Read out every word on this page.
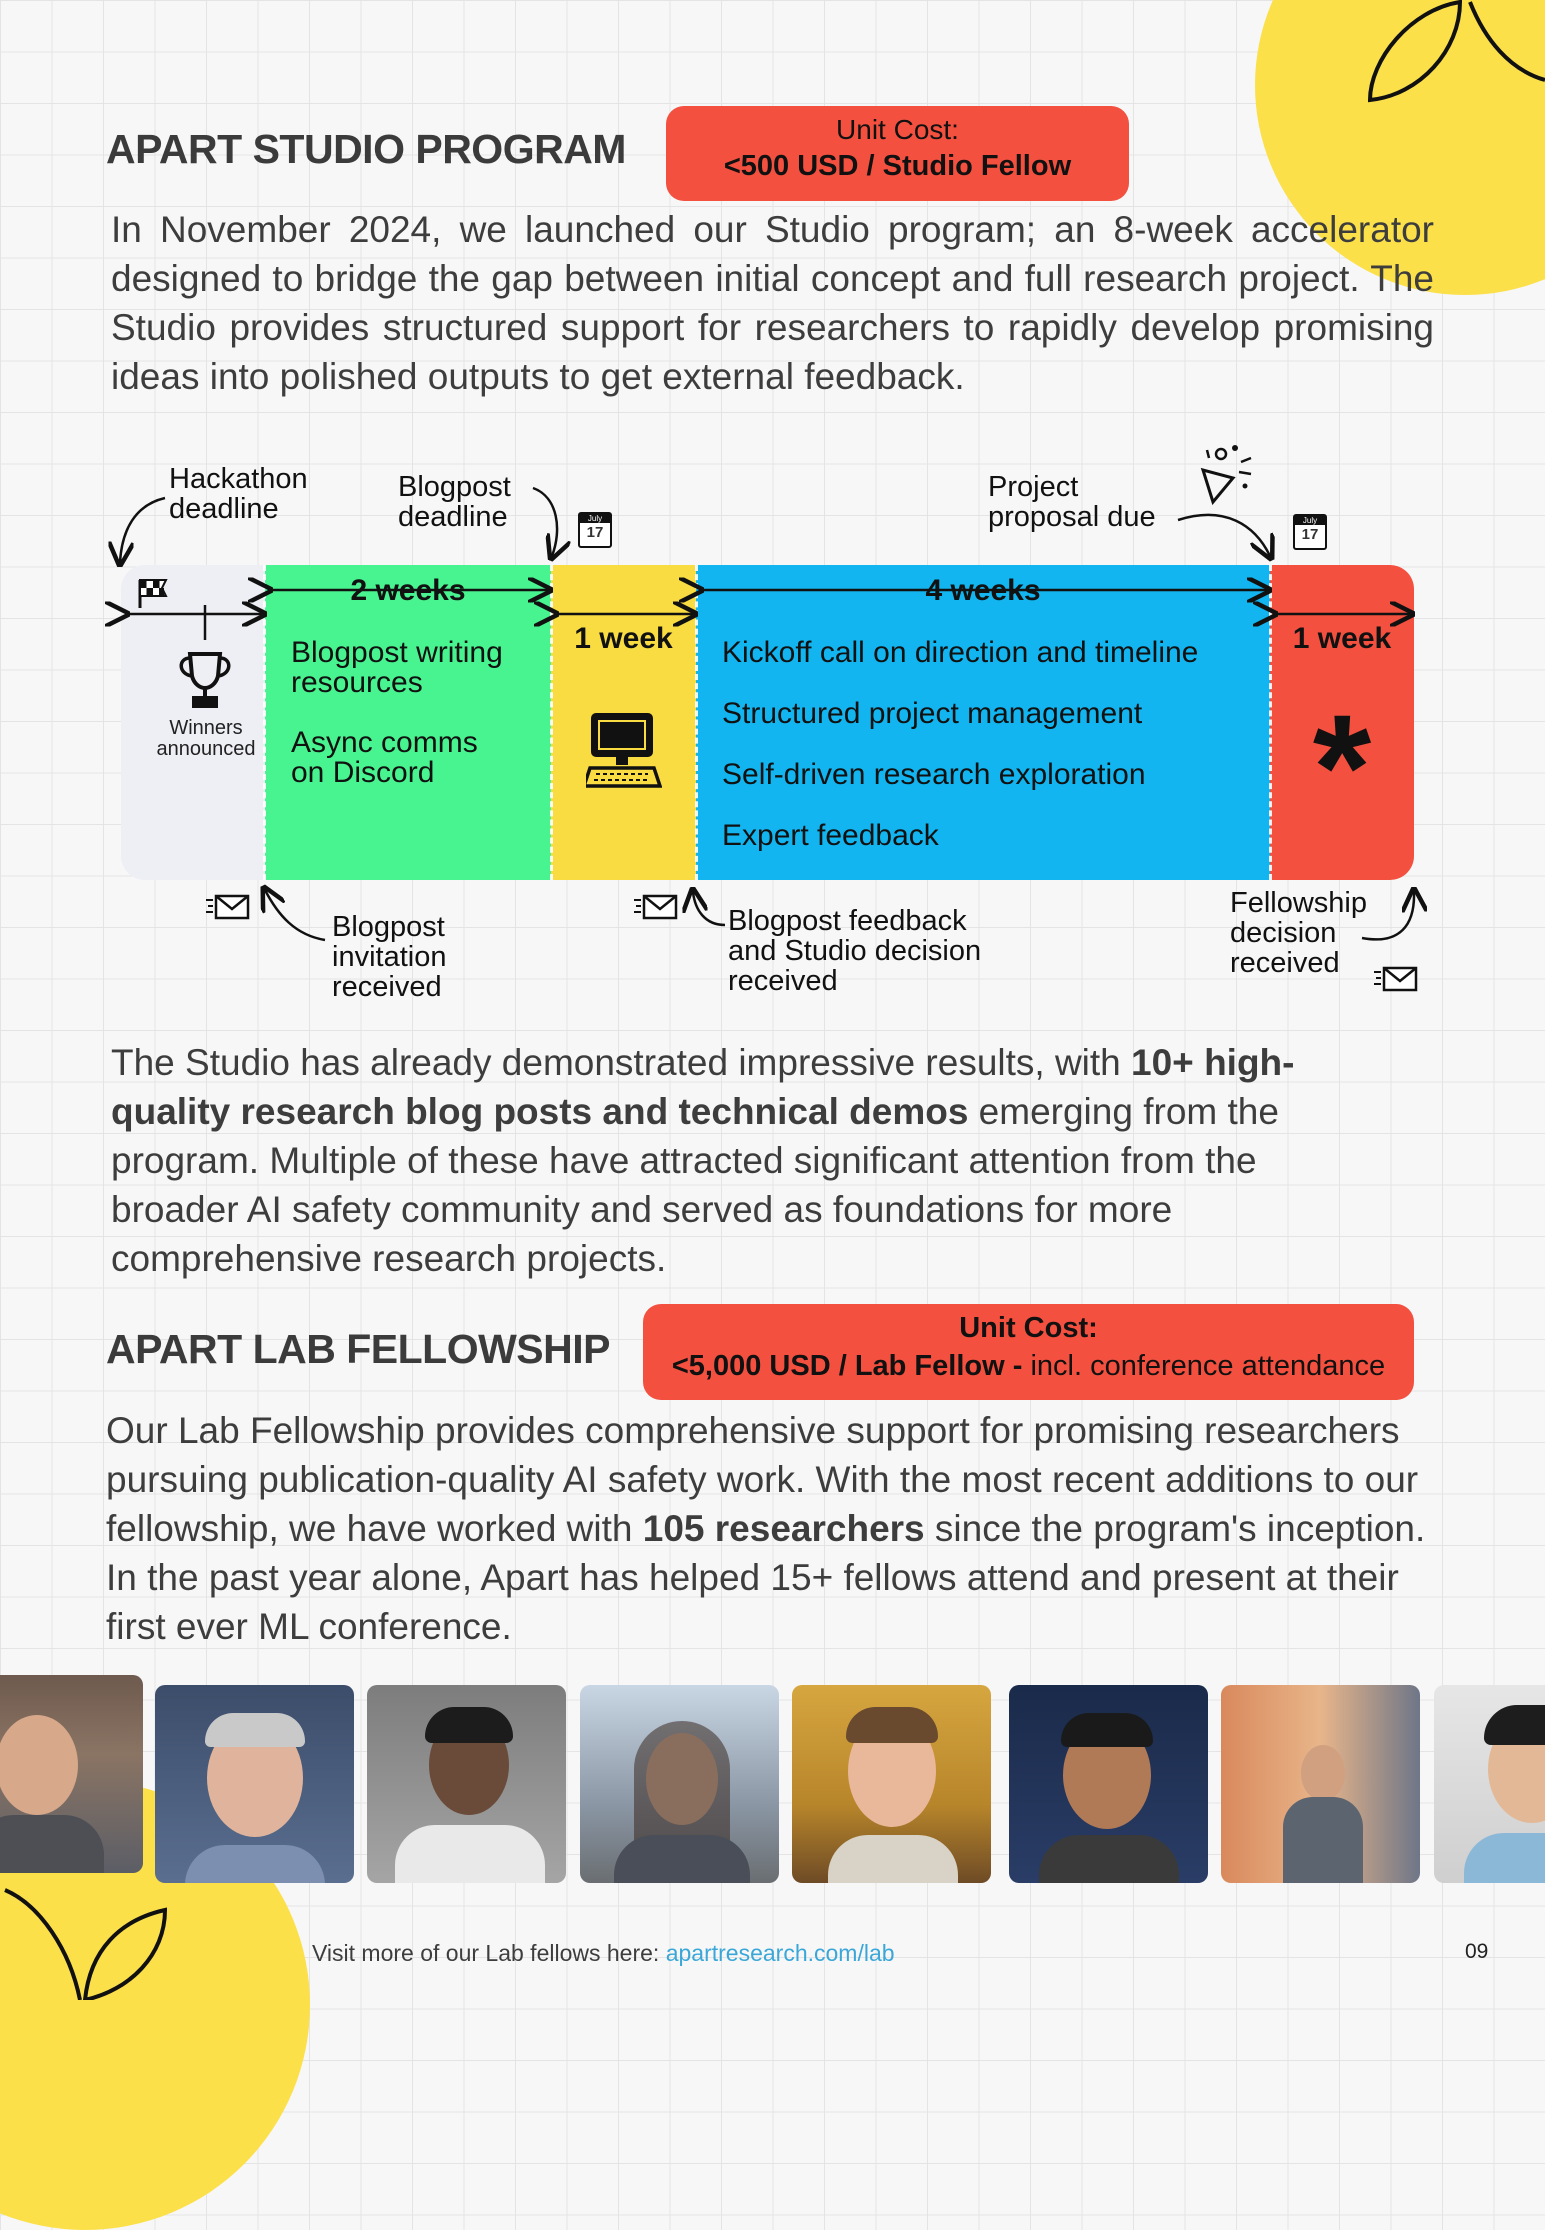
APART STUDIO PROGRAM	Unit Cost:
<500 USD / Studio Fellow
In November 2024, we launched our Studio program; an 8-week accelerator designed to bridge the gap between initial concept and full research project. The Studio provides structured support for researchers to rapidly develop promising ideas into polished outputs to get external feedback.
Hackathon
deadline
Blogpost
deadline
Project
proposal due
July
17
July
17
Winners
announced
2 weeks
Blogpost writing
resources
Async comms
on Discord
1 week
4 weeks
Kickoff call on direction and timeline
Structured project management
Self-driven research exploration
Expert feedback
1 week
*
Blogpost
invitation
received
Blogpost feedback
and Studio decision
received
Fellowship
decision
received
The Studio has already demonstrated impressive results, with 10+ high-quality research blog posts and technical demos emerging from the program. Multiple of these have attracted significant attention from the broader AI safety community and served as foundations for more comprehensive research projects.
APART LAB FELLOWSHIP	Unit Cost:
<5,000 USD / Lab Fellow - incl. conference attendance
Our Lab Fellowship provides comprehensive support for promising researchers pursuing publication-quality AI safety work. With the most recent additions to our fellowship, we have worked with 105 researchers since the program's inception. In the past year alone, Apart has helped 15+ fellows attend and present at their first ever ML conference.
Visit more of our Lab fellows here: apartresearch.com/lab	09
